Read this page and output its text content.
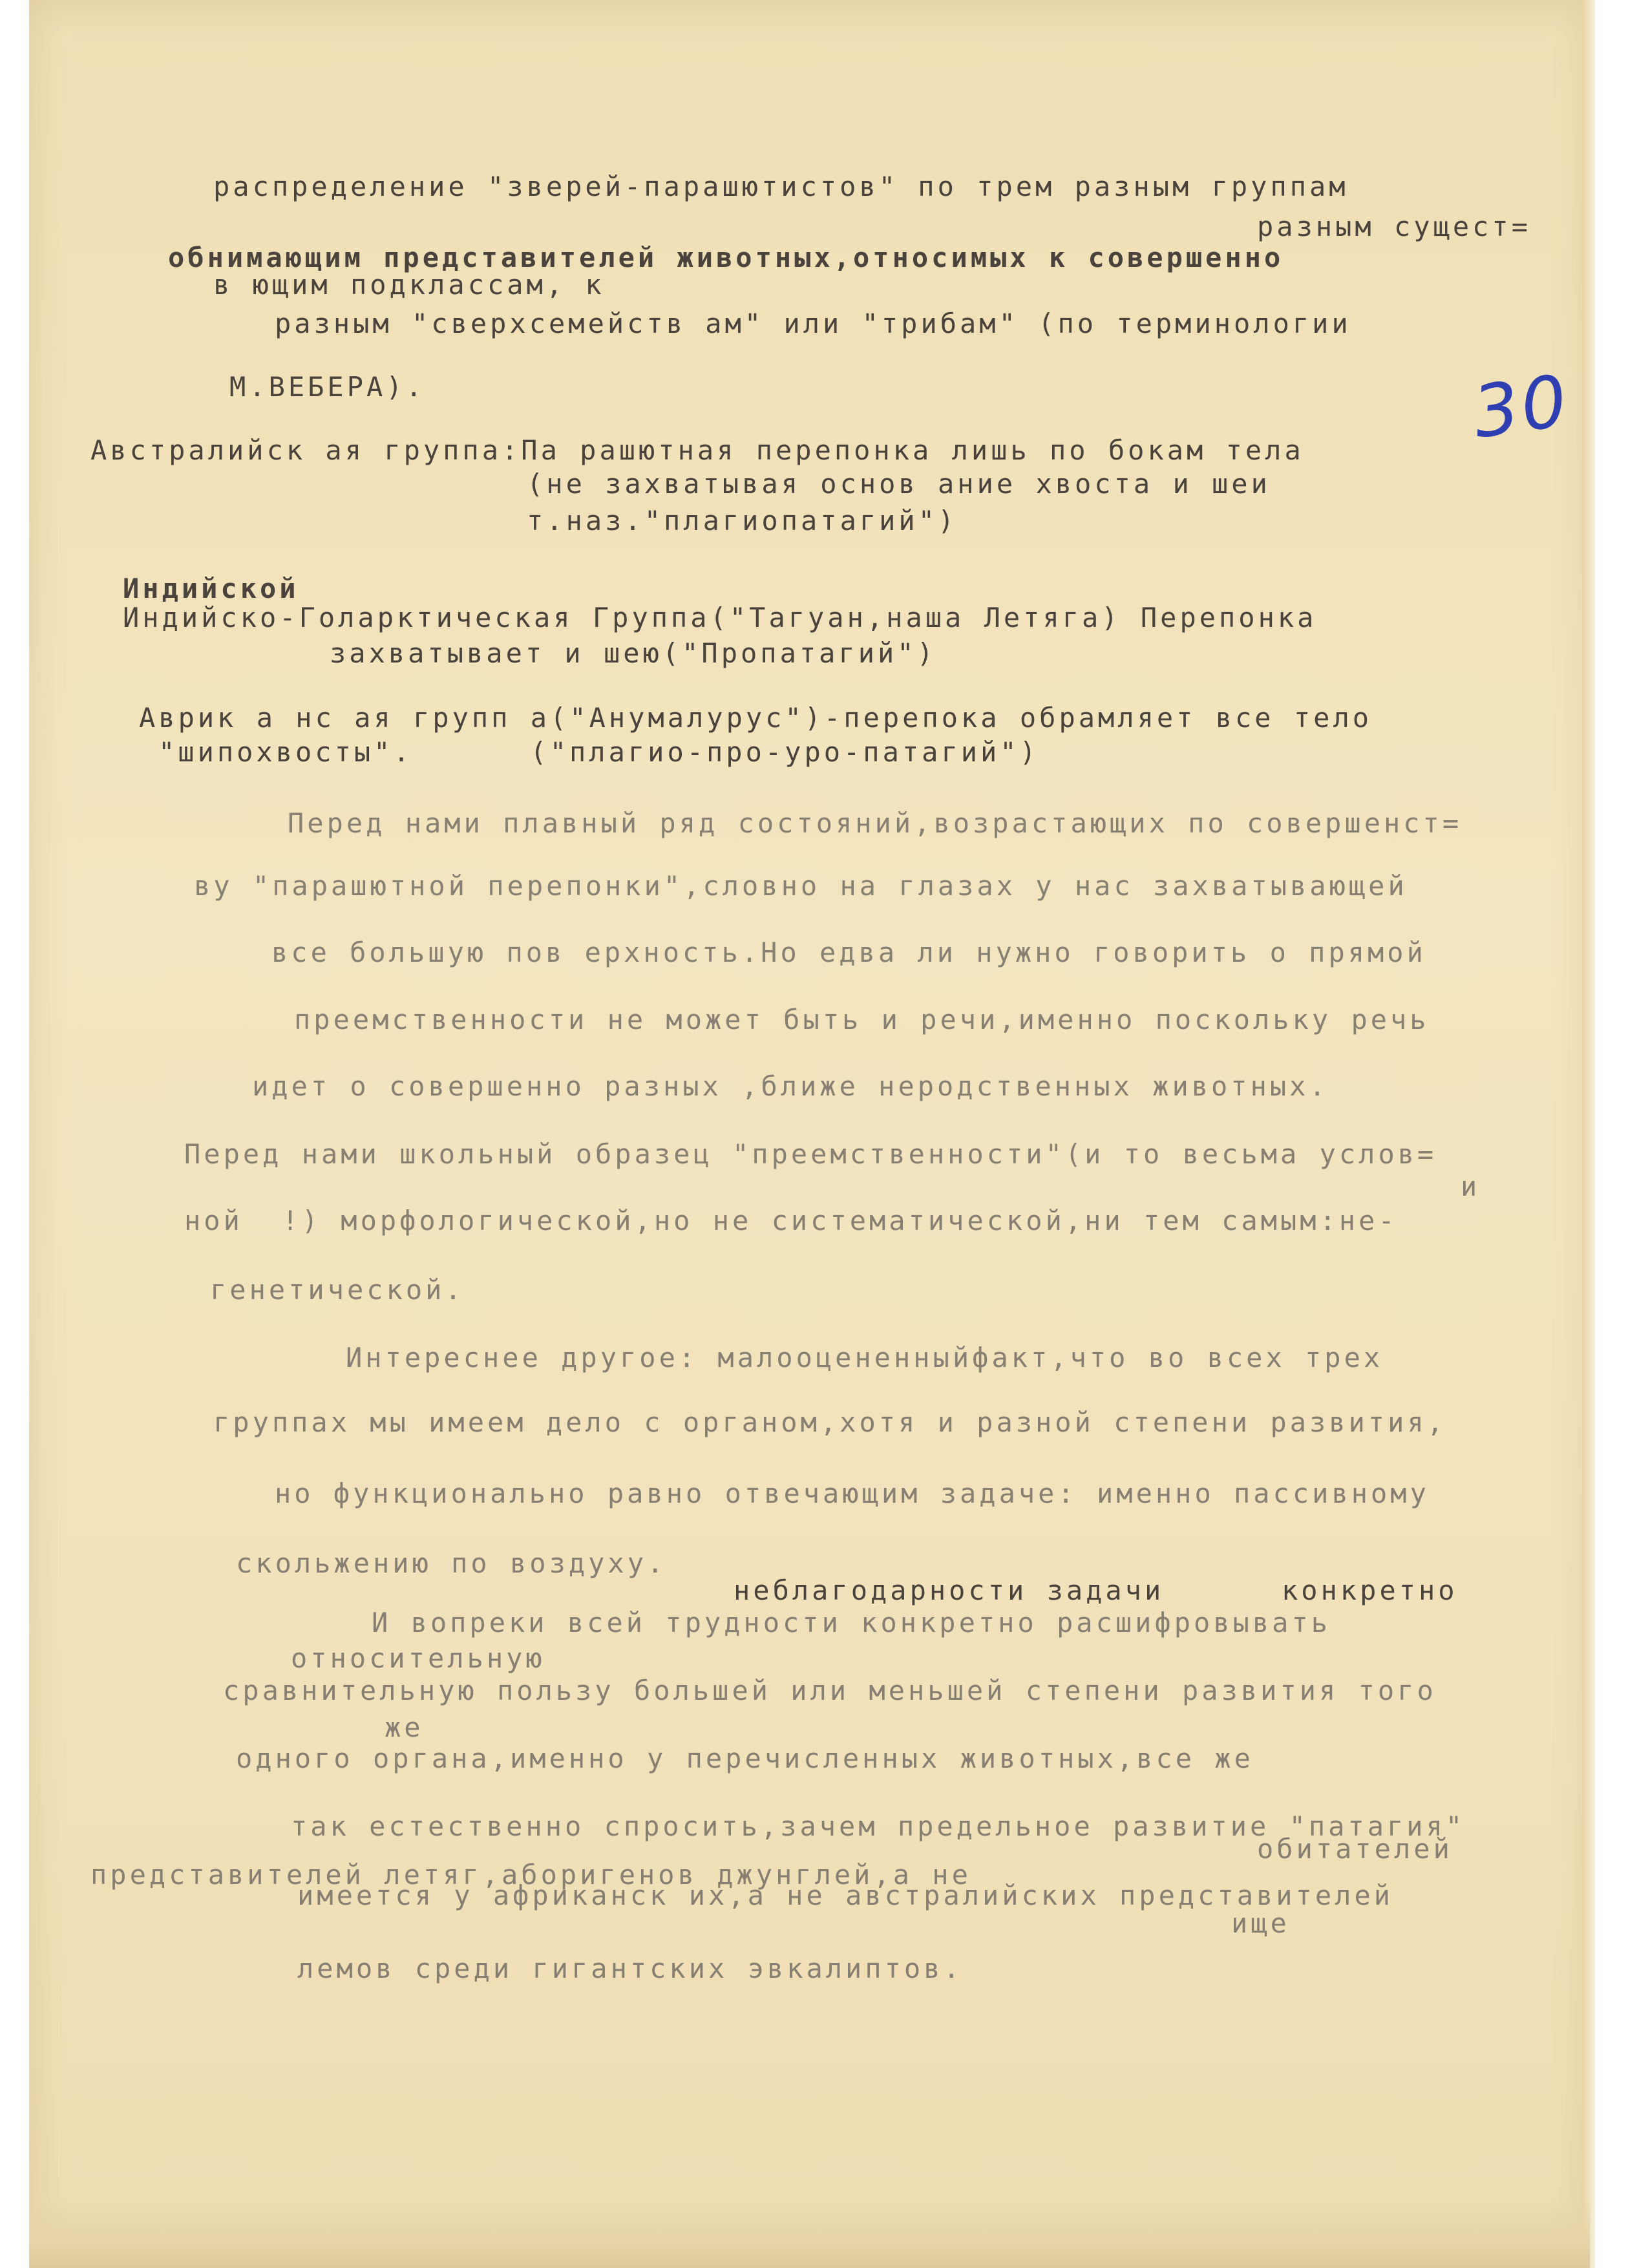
30
распределение "зверей-парашютистов" по трем разным группам
разным сущест=
обнимающим представителей животных,относимых к совершенно
в ющим подклассам, к
разным "сверхсемейств ам" или "трибам" (по терминологии
М.ВЕБЕРА).
Австралийск ая группа:Па рашютная перепонка лишь по бокам тела
(не захватывая основ ание хвоста и шеи
т.наз."плагиопатагий")
Индийской
Индийско-Голарктическая Группа("Тагуан,наша Летяга) Перепонка
захватывает и шею("Пропатагий")
Аврик а нс ая групп а("Анумалурус")-перепока обрамляет все тело
"шипохвосты".      ("плагио-про-уро-патагий")
Перед нами плавный ряд состояний,возрастающих по совершенст=
ву "парашютной перепонки",словно на глазах у нас захватывающей
все большую пов ерхность.Но едва ли нужно говорить о прямой
преемственности не может быть и речи,именно поскольку речь
идет о совершенно разных ,ближе неродственных животных.
Перед нами школьный образец "преемственности"(и то весьма услов=
и
ной  !) морфологической,но не систематической,ни тем самым:не-
генетической.
Интереснее другое: малооцененныйфакт,что во всех трех
группах мы имеем дело с органом,хотя и разной степени развития,
но функционально равно отвечающим задаче: именно пассивному
скольжению по воздуху.
неблагодарности задачи      конкретно
И вопреки всей трудности конкретно расшифровывать
относительную
сравнительную пользу большей или меньшей степени развития того
же
одного органа,именно у перечисленных животных,все же
так естественно спросить,зачем предельное развитие "патагия"
обитателей
представителей летяг,аборигенов джунглей,а не
имеется у африканск их,а не австралийских представителей
ище
лемов среди гигантских эвкалиптов.
